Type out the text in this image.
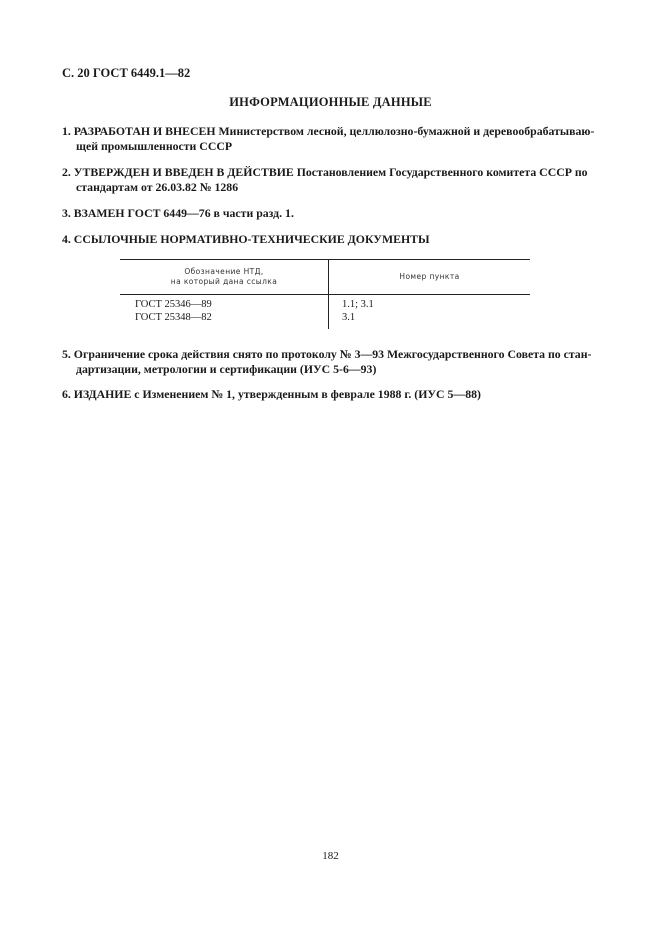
С. 20 ГОСТ 6449.1—82
ИНФОРМАЦИОННЫЕ ДАННЫЕ
1. РАЗРАБОТАН И ВНЕСЕН Министерством лесной, целлюлозно-бумажной и деревообрабатываю-
щей промышленности СССР
2. УТВЕРЖДЕН И ВВЕДЕН В ДЕЙСТВИЕ Постановлением Государственного комитета СССР по
стандартам от 26.03.82 № 1286
3. ВЗАМЕН ГОСТ 6449—76 в части разд. 1.
4. ССЫЛОЧНЫЕ НОРМАТИВНО-ТЕХНИЧЕСКИЕ ДОКУМЕНТЫ
Обозначение НТД,
на который дана ссылка
Номер пункта
ГОСТ 25346—89
ГОСТ 25348—82
1.1; 3.1
3.1
5. Ограничение срока действия снято по протоколу № 3—93 Межгосударственного Совета по стан-
дартизации, метрологии и сертификации (ИУС 5-6—93)
6. ИЗДАНИЕ с Изменением № 1, утвержденным в феврале 1988 г. (ИУС 5—88)
182
